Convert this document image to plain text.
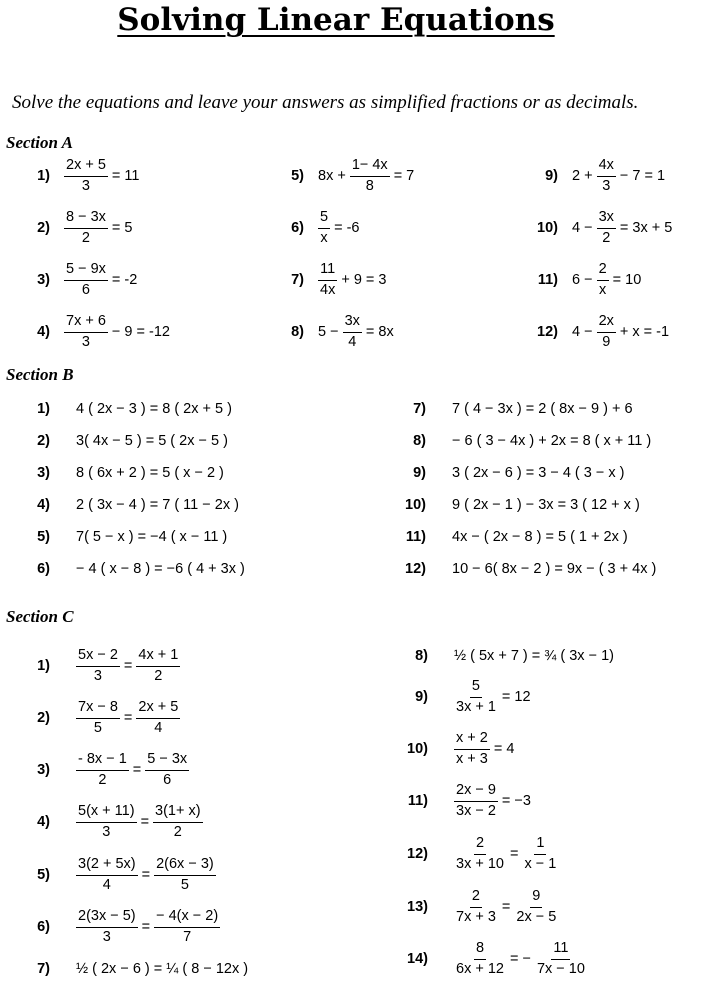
Solving Linear Equations
Solve the equations and leave your answers as simplified fractions or as decimals.
Section A
Section B
Section C
$1) \frac{2x + 5}{3} = 11$
$2) \frac{8 - 3x}{2} = 5$
$3) \frac{5 - 9x}{6} = -2$
$4) \frac{7x + 6}{3} - 9 = -12$
5) $8x + \frac{1- 4x}{8} = 7$
$6) \frac{5}{x} = -6$
$7) \frac{11}{4x} + 9 = 3$
8) $5 - \frac{3x}{4} = 8x$
9) $2 + \frac{4x}{3} - 7 = 1$
10) $4 - \frac{3x}{2} = 3x + 5$
11) $6 - \frac{2}{x} = 10$
12) $4 - \frac{2x}{9} + x = -1$
1) 4 ( 2x − 3 ) = 8 ( 2x + 5 )
2) 3( 4x − 5 ) = 5 ( 2x − 5 )
3) 8 ( 6x + 2 ) = 5 ( x − 2 )
4) 2 ( 3x − 4 ) = 7 ( 11 − 2x )
5) 7( 5 − x ) = −4 ( x − 11 )
6) − 4 ( x − 8 ) = −6 ( 4 + 3x )
7) 7 ( 4 − 3x ) = 2 ( 8x − 9 ) + 6
8) − 6 ( 3 − 4x ) + 2x = 8 ( x + 11 )
9) 3 ( 2x − 6 ) = 3 − 4 ( 3 − x )
10) 9 ( 2x − 1 ) − 3x = 3 ( 12 + x )
11) 4x − ( 2x − 8 ) = 5 ( 1 + 2x )
12) 10 − 6( 8x − 2 ) = 9x − ( 3 + 4x )
$1) \frac{5x - 2}{3} = \frac{4x + 1}{2}$
$2) \frac{7x - 8}{5} = \frac{2x + 5}{4}$
$3) \frac{- 8x - 1}{2} = \frac{5 - 3x}{6}$
$4) \frac{5(x + 11)}{3} = \frac{3(1+ x)}{2}$
$5) \frac{3(2 + 5x)}{4} = \frac{2(6x - 3)}{5}$
$6) \frac{2(3x - 5)}{3} = \frac{- 4(x - 2)}{7}$
7) ½ ( 2x − 6 ) = ¼ ( 8 − 12x )
8) ½ ( 5x + 7 ) = ¾ ( 3x − 1)
$9) \frac{5}{3x + 1} = 12$
$10) \frac{x + 2}{x + 3} = 4$
$11) \frac{2x - 9}{3x - 2} = -3$
$12) \frac{2}{3x + 10} = \frac{1}{x - 1}$
$13) \frac{2}{7x + 3} = \frac{9}{2x - 5}$
$14) \frac{8}{6x + 12}$ = − $\frac{11}{7x - 10}$
